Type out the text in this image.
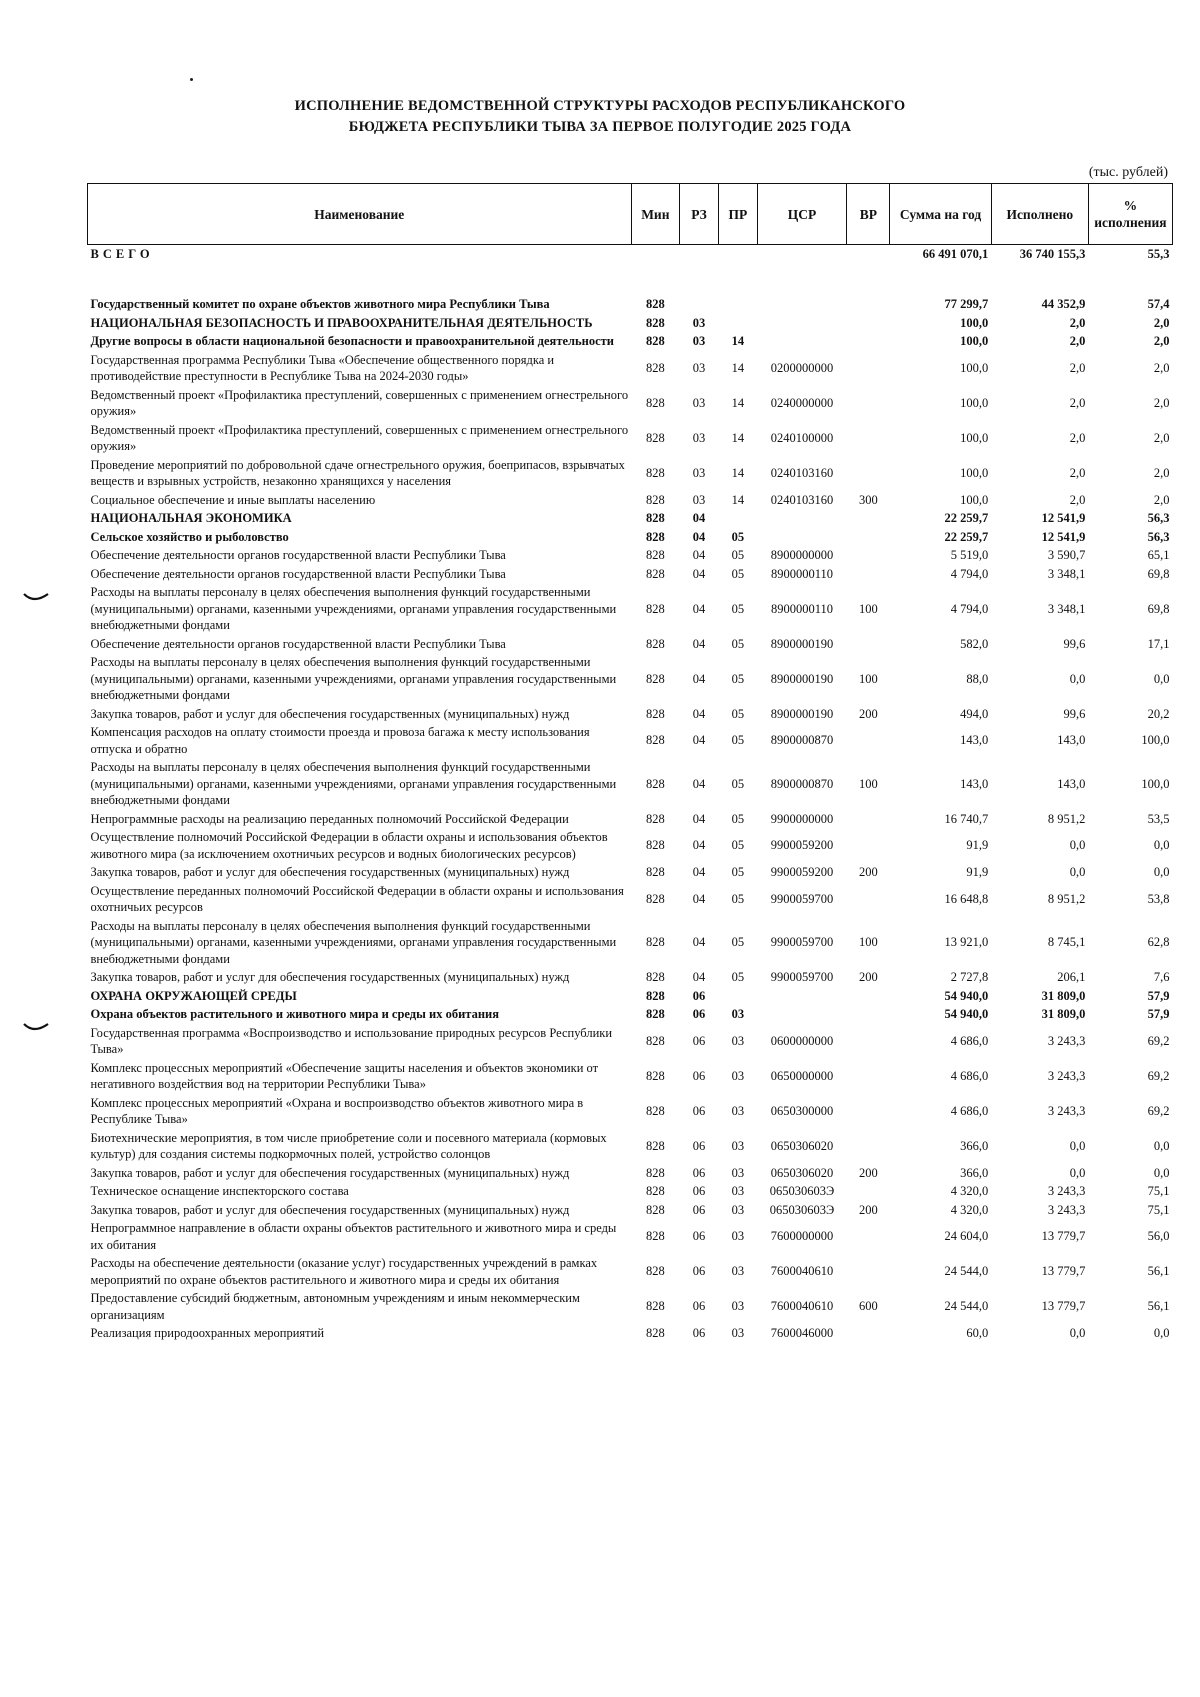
ИСПОЛНЕНИЕ ВЕДОМСТВЕННОЙ СТРУКТУРЫ РАСХОДОВ РЕСПУБЛИКАНСКОГО
БЮДЖЕТА РЕСПУБЛИКИ ТЫВА ЗА ПЕРВОЕ ПОЛУГОДИЕ 2025 ГОДА
(тыс. рублей)
Наименование	Мин	РЗ	ПР	ЦСР	ВР	Сумма на год	Исполнено	% исполнения
ВСЕГО						66 491 070,1	36 740 155,3	55,3

Государственный комитет по охране объектов животного мира Республики Тыва	828					77 299,7	44 352,9	57,4
НАЦИОНАЛЬНАЯ БЕЗОПАСНОСТЬ И ПРАВООХРАНИТЕЛЬНАЯ ДЕЯТЕЛЬНОСТЬ	828	03				100,0	2,0	2,0
Другие вопросы в области национальной безопасности и правоохранительной деятельности	828	03	14			100,0	2,0	2,0
Государственная программа Республики Тыва «Обеспечение общественного порядка и противодействие преступности в Республике Тыва на 2024-2030 годы»	828	03	14	0200000000		100,0	2,0	2,0
Ведомственный проект «Профилактика преступлений, совершенных с применением огнестрельного оружия»	828	03	14	0240000000		100,0	2,0	2,0
Ведомственный проект «Профилактика преступлений, совершенных с применением огнестрельного оружия»	828	03	14	0240100000		100,0	2,0	2,0
Проведение мероприятий по добровольной сдаче огнестрельного оружия, боеприпасов, взрывчатых веществ и взрывных устройств, незаконно хранящихся у населения	828	03	14	0240103160		100,0	2,0	2,0
Социальное обеспечение и иные выплаты населению	828	03	14	0240103160	300	100,0	2,0	2,0
НАЦИОНАЛЬНАЯ ЭКОНОМИКА	828	04				22 259,7	12 541,9	56,3
Сельское хозяйство и рыболовство	828	04	05			22 259,7	12 541,9	56,3
Обеспечение деятельности органов государственной власти Республики Тыва	828	04	05	8900000000		5 519,0	3 590,7	65,1
Обеспечение деятельности органов государственной власти Республики Тыва	828	04	05	8900000110		4 794,0	3 348,1	69,8
Расходы на выплаты персоналу в целях обеспечения выполнения функций государственными (муниципальными) органами, казенными учреждениями, органами управления государственными внебюджетными фондами	828	04	05	8900000110	100	4 794,0	3 348,1	69,8
Обеспечение деятельности органов государственной власти Республики Тыва	828	04	05	8900000190		582,0	99,6	17,1
Расходы на выплаты персоналу в целях обеспечения выполнения функций государственными (муниципальными) органами, казенными учреждениями, органами управления государственными внебюджетными фондами	828	04	05	8900000190	100	88,0	0,0	0,0
Закупка товаров, работ и услуг для обеспечения государственных (муниципальных) нужд	828	04	05	8900000190	200	494,0	99,6	20,2
Компенсация расходов на оплату стоимости проезда и провоза багажа к месту использования отпуска и обратно	828	04	05	8900000870		143,0	143,0	100,0
Расходы на выплаты персоналу в целях обеспечения выполнения функций государственными (муниципальными) органами, казенными учреждениями, органами управления государственными внебюджетными фондами	828	04	05	8900000870	100	143,0	143,0	100,0
Непрограммные расходы на реализацию переданных полномочий Российской Федерации	828	04	05	9900000000		16 740,7	8 951,2	53,5
Осуществление полномочий Российской Федерации в области охраны и использования объектов животного мира (за исключением охотничьих ресурсов и водных биологических ресурсов)	828	04	05	9900059200		91,9	0,0	0,0
Закупка товаров, работ и услуг для обеспечения государственных (муниципальных) нужд	828	04	05	9900059200	200	91,9	0,0	0,0
Осуществление переданных полномочий Российской Федерации в области охраны и использования охотничьих ресурсов	828	04	05	9900059700		16 648,8	8 951,2	53,8
Расходы на выплаты персоналу в целях обеспечения выполнения функций государственными (муниципальными) органами, казенными учреждениями, органами управления государственными внебюджетными фондами	828	04	05	9900059700	100	13 921,0	8 745,1	62,8
Закупка товаров, работ и услуг для обеспечения государственных (муниципальных) нужд	828	04	05	9900059700	200	2 727,8	206,1	7,6
ОХРАНА ОКРУЖАЮЩЕЙ СРЕДЫ	828	06				54 940,0	31 809,0	57,9
Охрана объектов растительного и животного мира и среды их обитания	828	06	03			54 940,0	31 809,0	57,9
Государственная программа «Воспроизводство и использование природных ресурсов Республики Тыва»	828	06	03	0600000000		4 686,0	3 243,3	69,2
Комплекс процессных мероприятий «Обеспечение защиты населения и объектов экономики от негативного воздействия вод на территории Республики Тыва»	828	06	03	0650000000		4 686,0	3 243,3	69,2
Комплекс процессных мероприятий «Охрана и воспроизводство объектов животного мира в Республике Тыва»	828	06	03	0650300000		4 686,0	3 243,3	69,2
Биотехнические мероприятия, в том числе приобретение соли и посевного материала (кормовых культур) для создания системы подкормочных полей, устройство солонцов	828	06	03	0650306020		366,0	0,0	0,0
Закупка товаров, работ и услуг для обеспечения государственных (муниципальных) нужд	828	06	03	0650306020	200	366,0	0,0	0,0
Техническое оснащение инспекторского состава	828	06	03	065030603Э		4 320,0	3 243,3	75,1
Закупка товаров, работ и услуг для обеспечения государственных (муниципальных) нужд	828	06	03	065030603Э	200	4 320,0	3 243,3	75,1
Непрограммное направление в области охраны объектов растительного и животного мира и среды их обитания	828	06	03	7600000000		24 604,0	13 779,7	56,0
Расходы на обеспечение деятельности (оказание услуг) государственных учреждений в рамках мероприятий по охране объектов растительного и животного мира и среды их обитания	828	06	03	7600040610		24 544,0	13 779,7	56,1
Предоставление субсидий бюджетным, автономным учреждениям и иным некоммерческим организациям	828	06	03	7600040610	600	24 544,0	13 779,7	56,1
Реализация природоохранных мероприятий	828	06	03	7600046000		60,0	0,0	0,0
